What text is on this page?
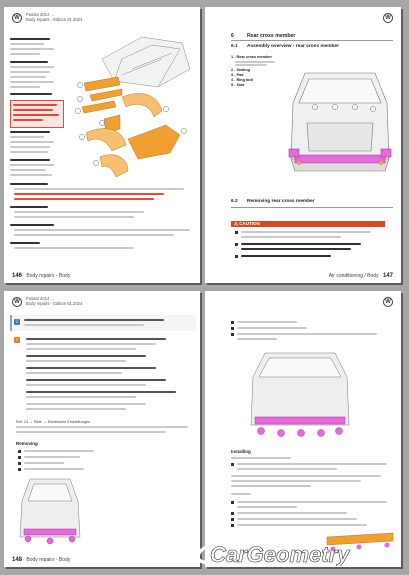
W
Passat 2014 →
Body repairs - Edition 01.2024
146 Body repairs - Body
W
6	Rear cross member
6.1 Assembly overview - rear cross member
1 - Rear cross member
2 - Sealing
3 - Pad
4 - Ring bolt
5 - Side
6.2 Removing rear cross member
⚠ CAUTION
Air conditioning / Body 147
W
Passat 2014 →
Body repairs - Edition 01.2024
i
!
Ref. 24 → Bitte → Elektrische Einstellungen
Removing
148 Body repairs - Body
W
Installing
CarGeometry
